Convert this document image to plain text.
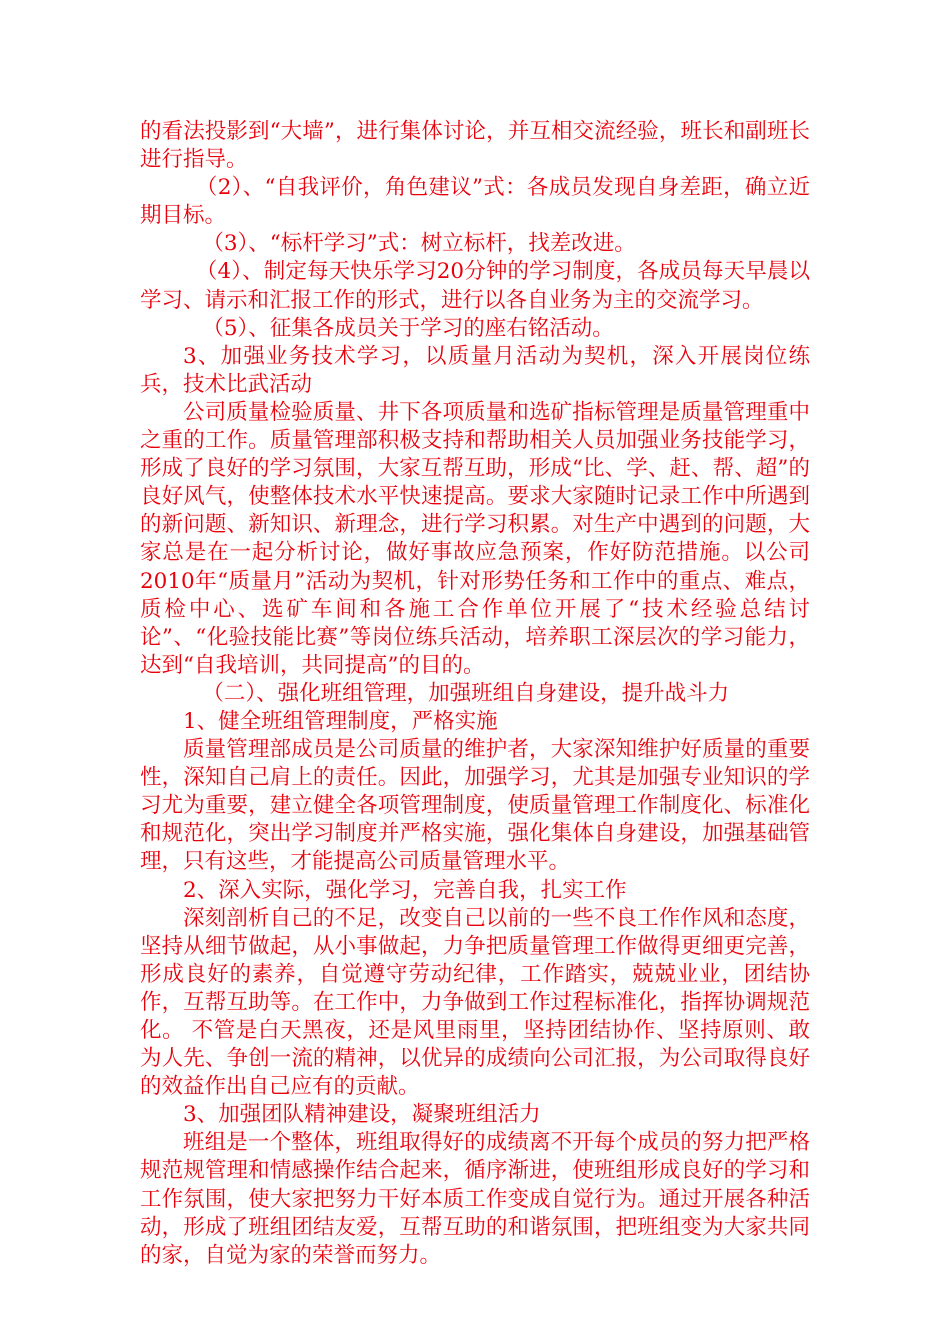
的看法投影到“大墙”，进行集体讨论，并互相交流经验，班长和副班长进行指导。

（2）、“自我评价，角色建议”式：各成员发现自身差距，确立近期目标。

（3）、“标杆学习”式：树立标杆，找差改进。

（4）、制定每天快乐学习20分钟的学习制度，各成员每天早晨以学习、请示和汇报工作的形式，进行以各自业务为主的交流学习。

（5）、征集各成员关于学习的座右铭活动。

3、加强业务技术学习，以质量月活动为契机，深入开展岗位练兵，技术比武活动

公司质量检验质量、井下各项质量和选矿指标管理是质量管理重中之重的工作。质量管理部积极支持和帮助相关人员加强业务技能学习，形成了良好的学习氛围，大家互帮互助，形成“比、学、赶、帮、超”的良好风气，使整体技术水平快速提高。要求大家随时记录工作中所遇到的新问题、新知识、新理念，进行学习积累。对生产中遇到的问题，大家总是在一起分析讨论，做好事故应急预案，作好防范措施。以公司2010年“质量月”活动为契机，针对形势任务和工作中的重点、难点，质检中心、选矿车间和各施工合作单位开展了“技术经验总结讨论”、“化验技能比赛”等岗位练兵活动，培养职工深层次的学习能力，达到“自我培训，共同提高”的目的。

（二）、强化班组管理，加强班组自身建设，提升战斗力

1、健全班组管理制度，严格实施

质量管理部成员是公司质量的维护者，大家深知维护好质量的重要性，深知自己肩上的责任。因此，加强学习，尤其是加强专业知识的学习尤为重要，建立健全各项管理制度，使质量管理工作制度化、标准化和规范化，突出学习制度并严格实施，强化集体自身建设，加强基础管理，只有这些，才能提高公司质量管理水平。

2、深入实际，强化学习，完善自我，扎实工作

深刻剖析自己的不足，改变自己以前的一些不良工作作风和态度，坚持从细节做起，从小事做起，力争把质量管理工作做得更细更完善，形成良好的素养，自觉遵守劳动纪律，工作踏实，兢兢业业，团结协作，互帮互助等。在工作中，力争做到工作过程标准化，指挥协调规范化。 不管是白天黑夜，还是风里雨里，坚持团结协作、坚持原则、敢为人先、争创一流的精神，以优异的成绩向公司汇报，为公司取得良好的效益作出自己应有的贡献。

3、加强团队精神建设，凝聚班组活力

班组是一个整体，班组取得好的成绩离不开每个成员的努力把严格规范规管理和情感操作结合起来，循序渐进，使班组形成良好的学习和工作氛围，使大家把努力干好本质工作变成自觉行为。通过开展各种活动，形成了班组团结友爱，互帮互助的和谐氛围，把班组变为大家共同的家，自觉为家的荣誉而努力。
